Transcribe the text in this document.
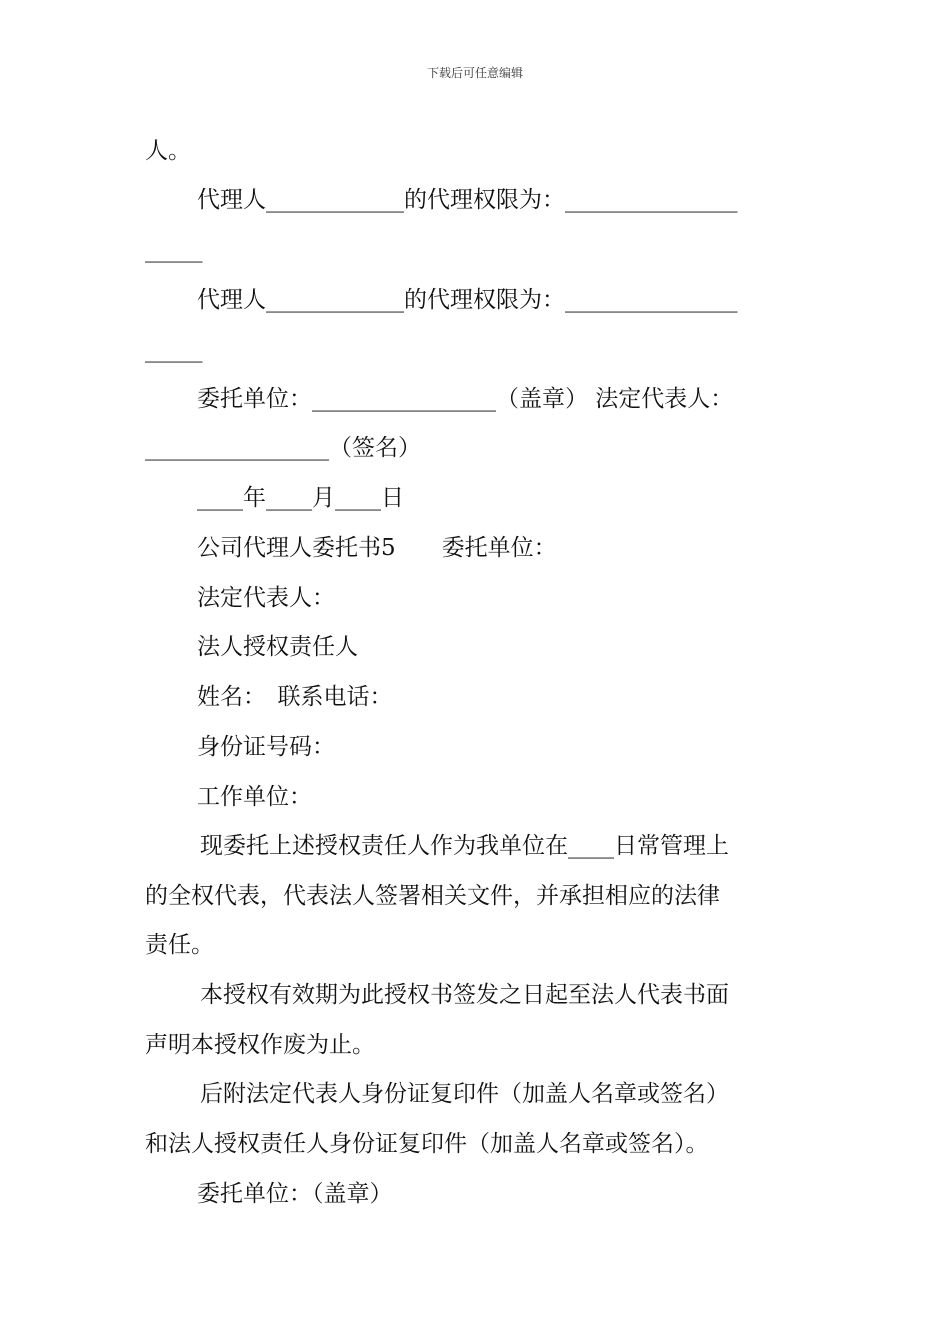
下载后可任意编辑
人。
代理人____________的代理权限为：_______________
_____
代理人____________的代理权限为：_______________
_____
委托单位：________________（盖章） 法定代表人：
________________（签名）
____年____月____日
公司代理人委托书5　　委托单位：
法定代表人：
法人授权责任人
姓名：　联系电话：
身份证号码：
工作单位：
现委托上述授权责任人作为我单位在____日常管理上
的全权代表，代表法人签署相关文件，并承担相应的法律
责任。
本授权有效期为此授权书签发之日起至法人代表书面
声明本授权作废为止。
后附法定代表人身份证复印件（加盖人名章或签名）
和法人授权责任人身份证复印件（加盖人名章或签名）。
委托单位：（盖章）
